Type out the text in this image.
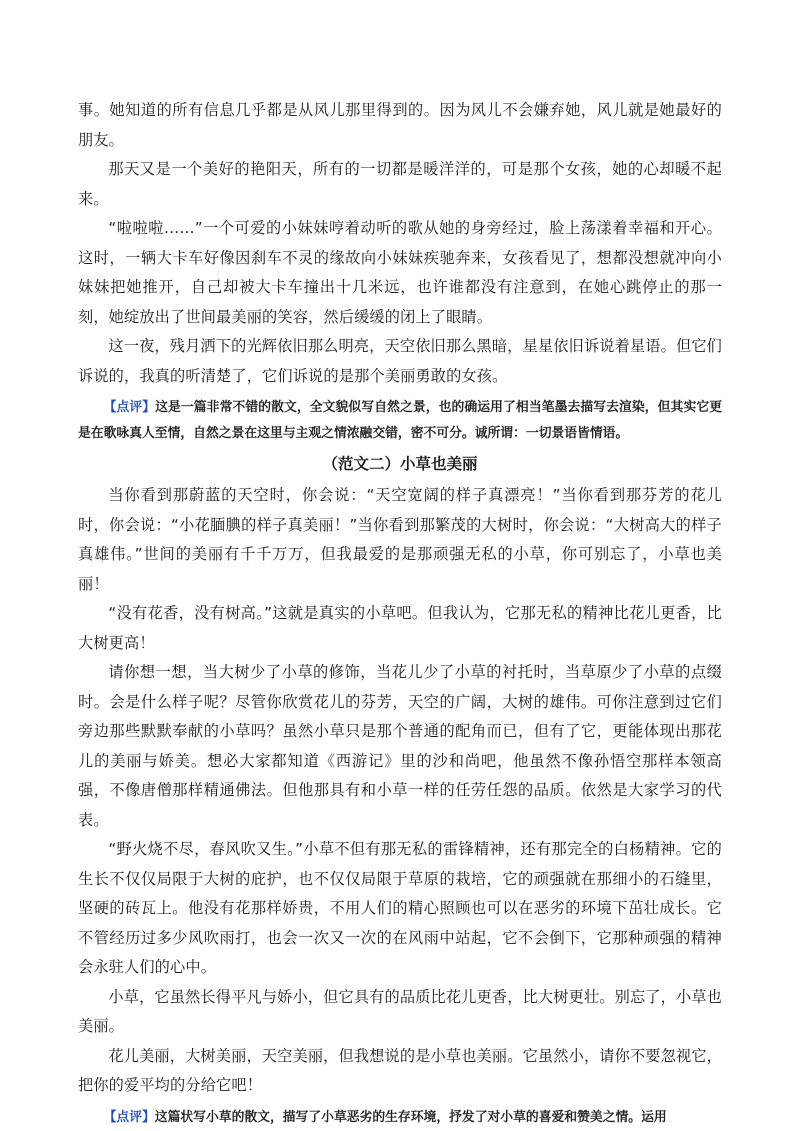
事。她知道的所有信息几乎都是从风儿那里得到的。因为风儿不会嫌弃她，风儿就是她最好的朋友。

那天又是一个美好的艳阳天，所有的一切都是暖洋洋的，可是那个女孩，她的心却暖不起来。

“啦啦啦……”一个可爱的小妹妹哼着动听的歌从她的身旁经过，脸上荡漾着幸福和开心。这时，一辆大卡车好像因刹车不灵的缘故向小妹妹疾驰奔来，女孩看见了，想都没想就冲向小妹妹把她推开，自己却被大卡车撞出十几米远，也许谁都没有注意到，在她心跳停止的那一刻，她绽放出了世间最美丽的笑容，然后缓缓的闭上了眼睛。

这一夜，残月洒下的光辉依旧那么明亮，天空依旧那么黑暗，星星依旧诉说着星语。但它们诉说的，我真的听清楚了，它们诉说的是那个美丽勇敢的女孩。

【点评】这是一篇非常不错的散文，全文貌似写自然之景，也的确运用了相当笔墨去描写去渲染，但其实它更是在歌咏真人至情，自然之景在这里与主观之情浓融交错，密不可分。诚所谓：一切景语皆情语。

（范文二）小草也美丽

当你看到那蔚蓝的天空时，你会说：“天空宽阔的样子真漂亮！”当你看到那芬芳的花儿时，你会说：“小花腼腆的样子真美丽！”当你看到那繁茂的大树时，你会说：“大树高大的样子真雄伟。”世间的美丽有千千万万，但我最爱的是那顽强无私的小草，你可别忘了，小草也美丽！

“没有花香，没有树高。”这就是真实的小草吧。但我认为，它那无私的精神比花儿更香，比大树更高！

请你想一想，当大树少了小草的修饰，当花儿少了小草的衬托时，当草原少了小草的点缀时。会是什么样子呢？尽管你欣赏花儿的芬芳，天空的广阔，大树的雄伟。可你注意到过它们旁边那些默默奉献的小草吗？虽然小草只是那个普通的配角而已，但有了它，更能体现出那花儿的美丽与娇美。想必大家都知道《西游记》里的沙和尚吧，他虽然不像孙悟空那样本领高强，不像唐僧那样精通佛法。但他那具有和小草一样的任劳任怨的品质。依然是大家学习的代表。

“野火烧不尽，春风吹又生。”小草不但有那无私的雷锋精神，还有那完全的白杨精神。它的生长不仅仅局限于大树的庇护，也不仅仅局限于草原的栽培，它的顽强就在那细小的石缝里，坚硬的砖瓦上。他没有花那样娇贵，不用人们的精心照顾也可以在恶劣的环境下茁壮成长。它不管经历过多少风吹雨打，也会一次又一次的在风雨中站起，它不会倒下，它那种顽强的精神会永驻人们的心中。

小草，它虽然长得平凡与娇小，但它具有的品质比花儿更香，比大树更壮。别忘了，小草也美丽。

花儿美丽，大树美丽，天空美丽，但我想说的是小草也美丽。它虽然小，请你不要忽视它，把你的爱平均的分给它吧！

【点评】这篇状写小草的散文，描写了小草恶劣的生存环境，抒发了对小草的喜爱和赞美之情。运用
